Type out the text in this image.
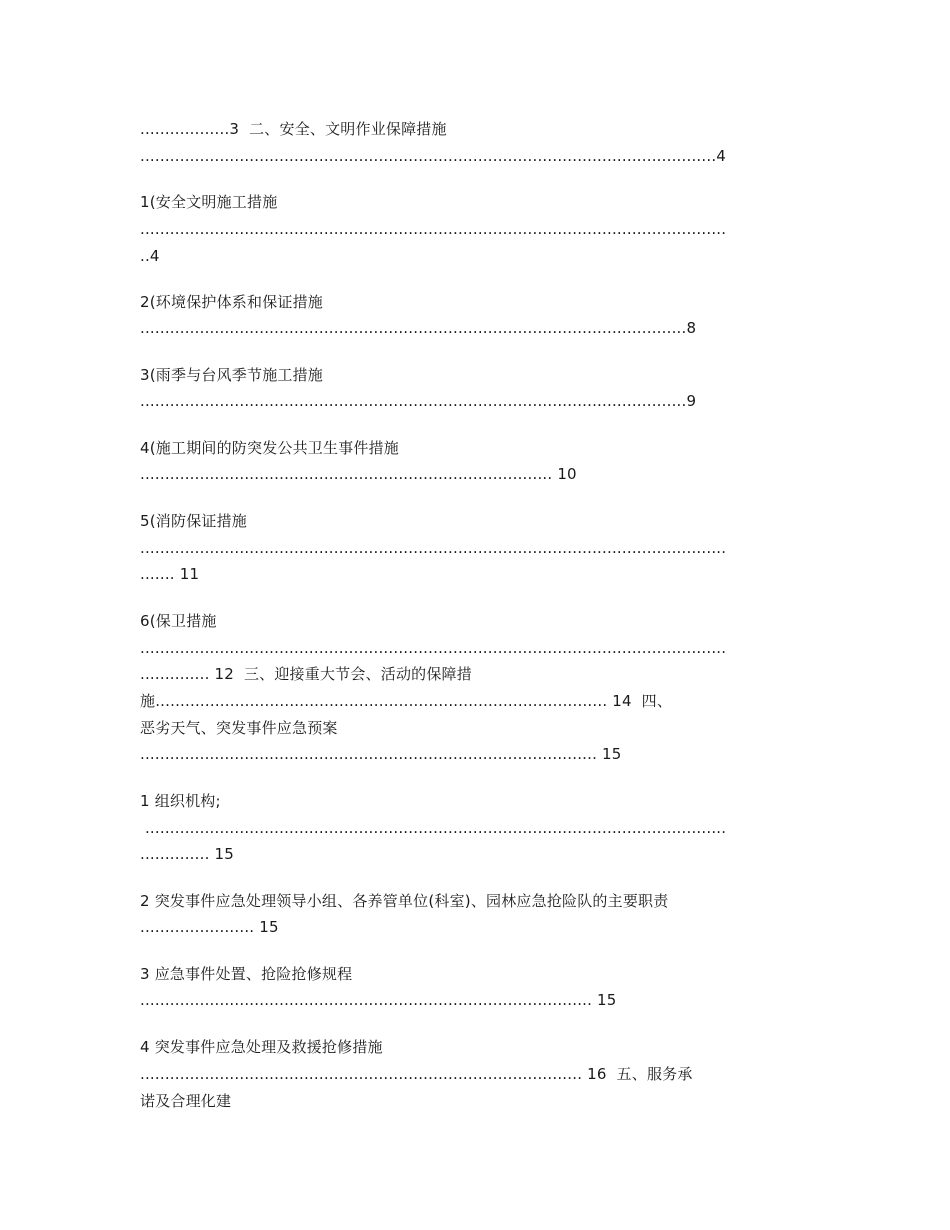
..................3  二、安全、文明作业保障措施

....................................................................................................................4

1(安全文明施工措施

......................................................................................................................

..4

2(环境保护体系和保证措施

..............................................................................................................8

3(雨季与台风季节施工措施

..............................................................................................................9

4(施工期间的防突发公共卫生事件措施

................................................................................... 10

5(消防保证措施

......................................................................................................................

....... 11

6(保卫措施

......................................................................................................................

.............. 12  三、迎接重大节会、活动的保障措

施........................................................................................... 14  四、

恶劣天气、突发事件应急预案

............................................................................................ 15

1 组织机构;

.....................................................................................................................

.............. 15

2 突发事件应急处理领导小组、各养管单位(科室)、园林应急抢险队的主要职责

....................... 15

3 应急事件处置、抢险抢修规程

........................................................................................... 15

4 突发事件应急处理及救援抢修措施

......................................................................................... 16  五、服务承

诺及合理化建
